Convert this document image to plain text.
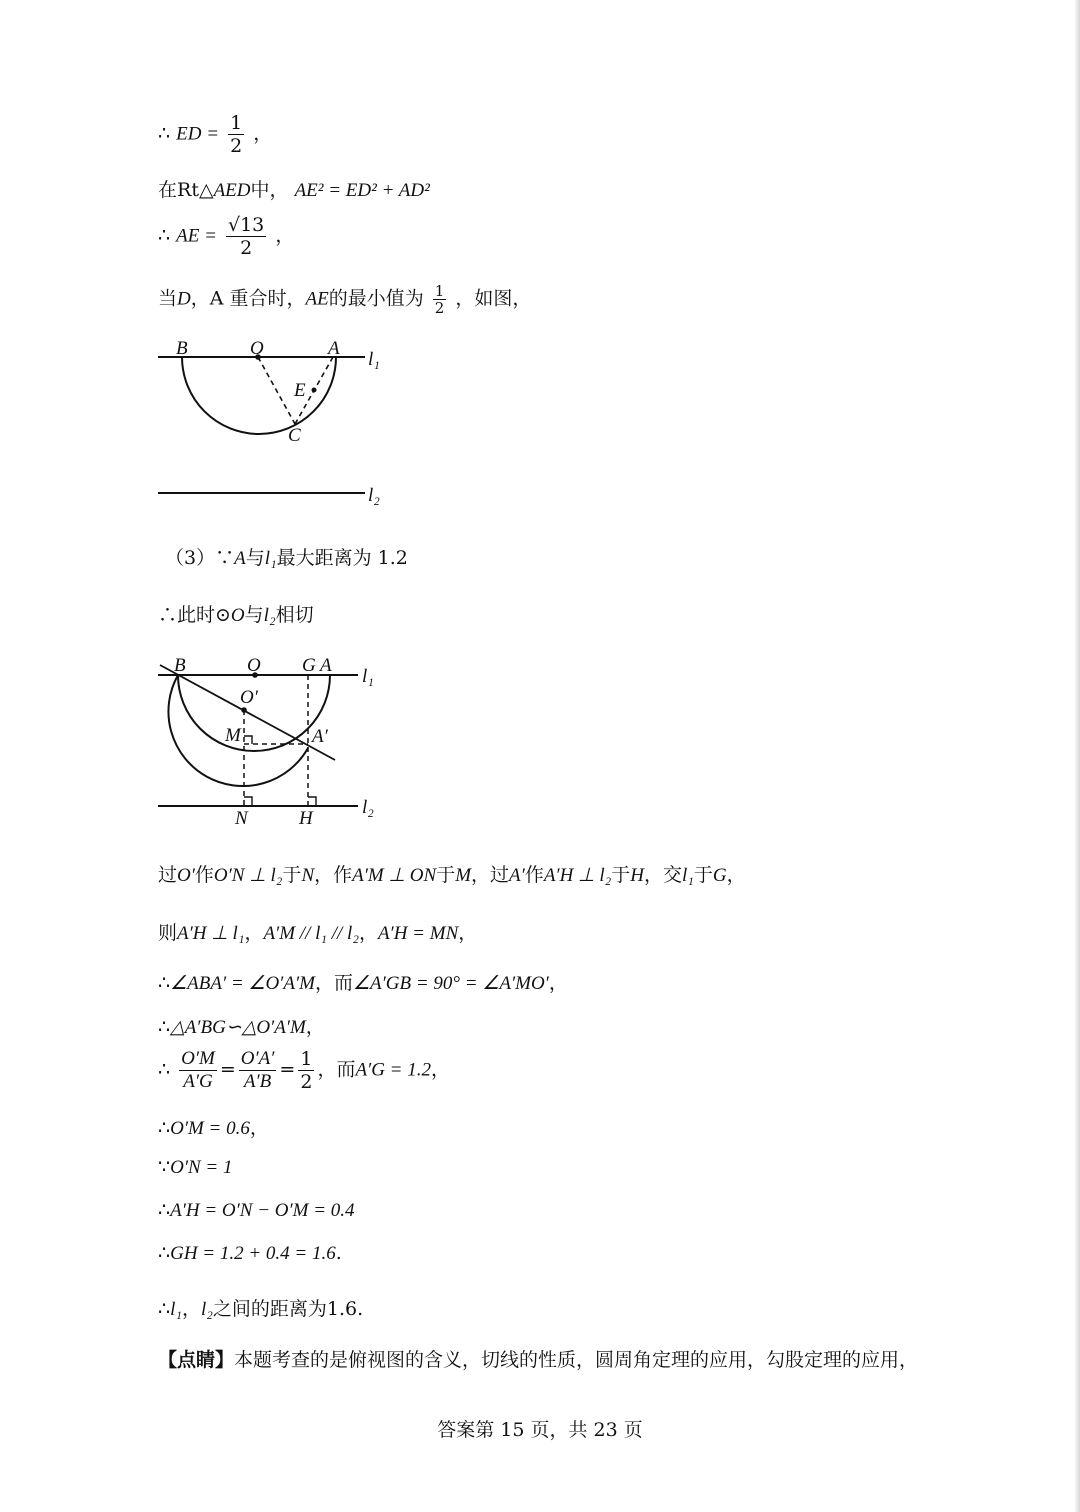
∴ ED = $\frac{1}{2}$ ，
在Rt△AED中， AE² = ED² + AD²
∴ AE = $\frac{√13}{2}$ ，
当D，A 重合时，AE的最小值为 $\frac{1}{2}$ ，如图，
B	O	A
E
C
l₁
l₂
（3）∵A与l₁最大距离为 1.2
∴此时⊙O与l₂相切
B	O G A
l₁
O′
M	A′
N	H
l₂
过O′作O′N ⊥ l₂于N，作A′M ⊥ ON于M，过A′作A′H ⊥ l₂于H，交l₁于G，
则A′H ⊥ l₁，A′M // l₁ // l₂，A′H = MN，
∴∠ABA′ = ∠O′A′M，而∠A′GB = 90° = ∠A′MO′，
∴△A′BG∽△O′A′M，
∴ $\frac{O'M}{A'G} = \frac{O'A'}{A'B} = \frac{1}{2}$ ，而A′G = 1.2，
∴O′M = 0.6，
∵O′N = 1
∴A′H = O′N − O′M = 0.4
∴GH = 1.2 + 0.4 = 1.6.
∴l₁，l₂之间的距离为1.6.
【点睛】本题考查的是俯视图的含义，切线的性质，圆周角定理的应用，勾股定理的应用，
答案第 15 页，共 23 页
